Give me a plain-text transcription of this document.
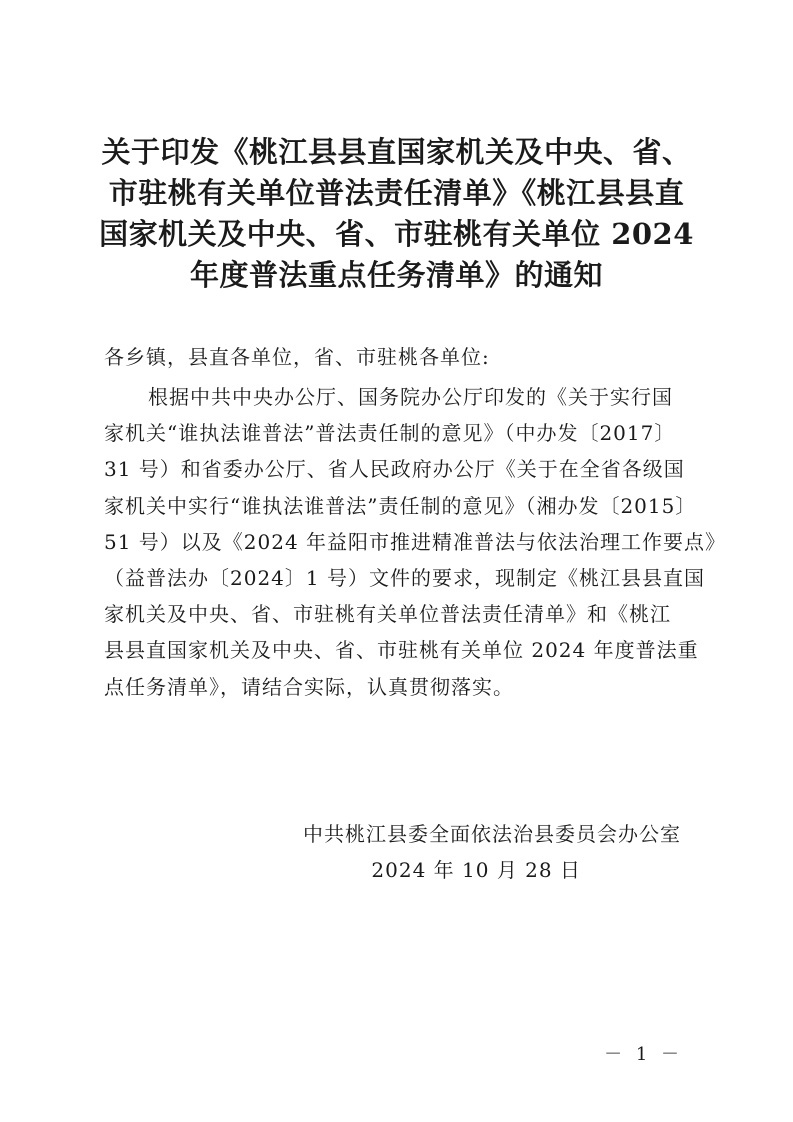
关于印发《桃江县县直国家机关及中央、省、
市驻桃有关单位普法责任清单》《桃江县县直
国家机关及中央、省、市驻桃有关单位 2024
年度普法重点任务清单》的通知
各乡镇，县直各单位，省、市驻桃各单位:
根据中共中央办公厅、国务院办公厅印发的《关于实行国
家机关“谁执法谁普法”普法责任制的意见》（中办发〔2017〕
31 号）和省委办公厅、省人民政府办公厅《关于在全省各级国
家机关中实行“谁执法谁普法”责任制的意见》（湘办发〔2015〕
51 号）以及《2024 年益阳市推进精准普法与依法治理工作要点》
（益普法办〔2024〕1 号）文件的要求，现制定《桃江县县直国
家机关及中央、省、市驻桃有关单位普法责任清单》和《桃江
县县直国家机关及中央、省、市驻桃有关单位 2024 年度普法重
点任务清单》，请结合实际，认真贯彻落实。
中共桃江县委全面依法治县委员会办公室
2024 年 10 月 28 日
－ 1 －
